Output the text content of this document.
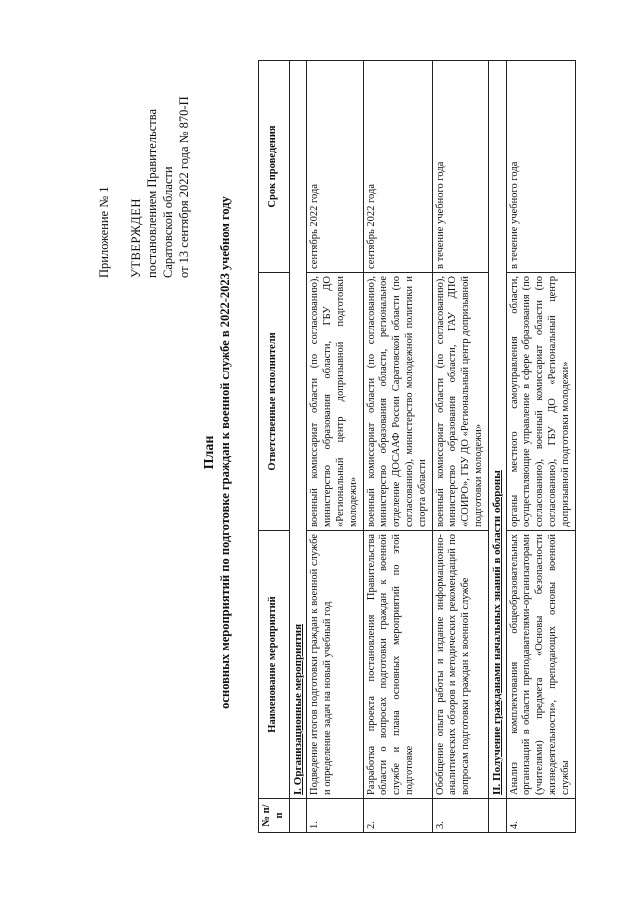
Приложение № 1 УТВЕРЖДЕН постановлением Правительства Саратовской области от 13 сентября 2022 года № 870-П
План основных мероприятий по подготовке граждан к военной службе в 2022-2023 учебном году
№ п/п	Наименование мероприятий	Ответственные исполнители	Срок проведения
	I. Организационные мероприятия		
1.	Подведение итогов подготовки граждан к военной службе и определение задач на новый учебный год	военный комиссариат области (по согласованию), министерство образования области, ГБУ ДО «Региональный центр допризывной подготовки молодежи»	сентябрь 2022 года
2.	Разработка проекта постановления Правительства области о вопросах подготовки граждан к военной службе и плана основных мероприятий по этой подготовке	военный комиссариат области (по согласованию), министерство образования области, региональное отделение ДОСААФ России Саратовской области (по согласованию), министерство молодежной политики и спорта области	сентябрь 2022 года
3.	Обобщение опыта работы и издание информационно-аналитических обзоров и методических рекомендаций по вопросам подготовки граждан к военной службе	военный комиссариат области (по согласованию), министерство образования области, ГАУ ДПО «СОИРО», ГБУ ДО «Региональный центр допризывной подготовки молодежи»	в течение учебного года
	II. Получение гражданами начальных знаний в области обороны		
4.	Анализ комплектования общеобразовательных организаций в области преподавателями-организаторами (учителями) предмета «Основы безопасности жизнедеятельности», преподающих основы военной службы	органы местного самоуправления области, осуществляющие управление в сфере образования (по согласованию), военный комиссариат области (по согласованию), ГБУ ДО «Региональный центр допризывной подготовки молодежи»	в течение учебного года
